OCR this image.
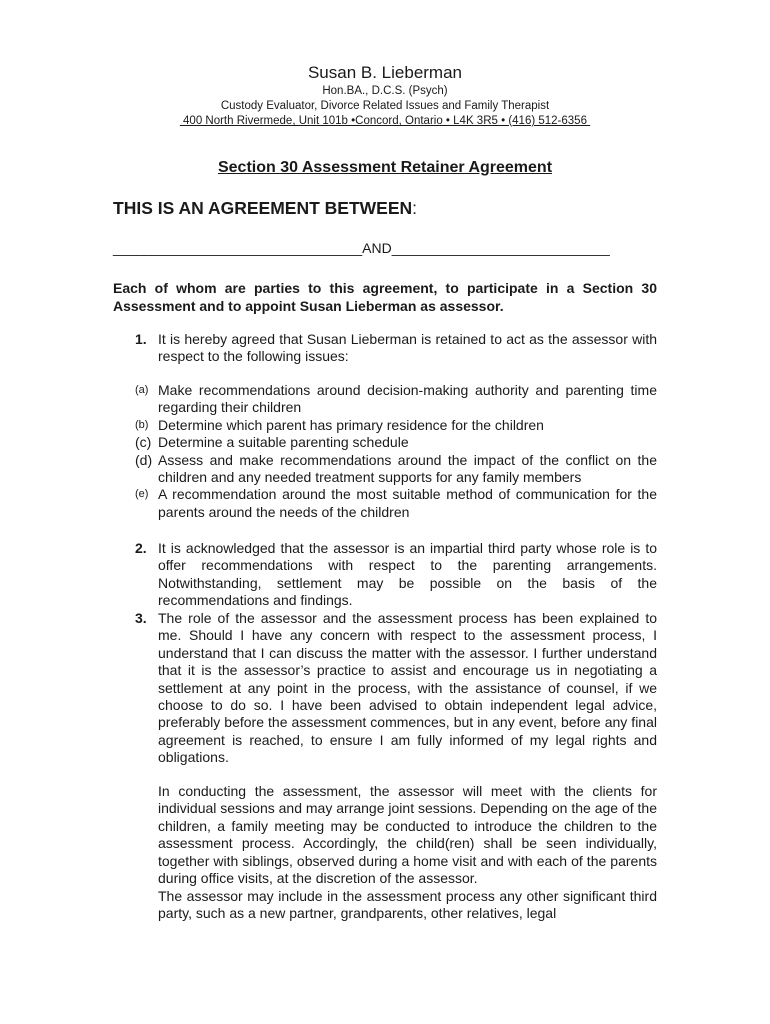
Susan B. Lieberman
Hon.BA., D.C.S. (Psych)
Custody Evaluator, Divorce Related Issues and Family Therapist
400 North Rivermede, Unit 101b •Concord, Ontario • L4K 3R5 • (416) 512-6356
Section 30 Assessment Retainer Agreement
THIS IS AN AGREEMENT BETWEEN:
________________________________AND____________________________
Each of whom are parties to this agreement, to participate in a Section 30 Assessment and to appoint Susan Lieberman as assessor.
1. It is hereby agreed that Susan Lieberman is retained to act as the assessor with respect to the following issues:
(a) Make recommendations around decision-making authority and parenting time regarding their children
(b) Determine which parent has primary residence for the children
(c) Determine a suitable parenting schedule
(d) Assess and make recommendations around the impact of the conflict on the children and any needed treatment supports for any family members
(e) A recommendation around the most suitable method of communication for the parents around the needs of the children
2. It is acknowledged that the assessor is an impartial third party whose role is to offer recommendations with respect to the parenting arrangements. Notwithstanding, settlement may be possible on the basis of the recommendations and findings.
3. The role of the assessor and the assessment process has been explained to me. Should I have any concern with respect to the assessment process, I understand that I can discuss the matter with the assessor. I further understand that it is the assessor’s practice to assist and encourage us in negotiating a settlement at any point in the process, with the assistance of counsel, if we choose to do so. I have been advised to obtain independent legal advice, preferably before the assessment commences, but in any event, before any final agreement is reached, to ensure I am fully informed of my legal rights and obligations.
In conducting the assessment, the assessor will meet with the clients for individual sessions and may arrange joint sessions. Depending on the age of the children, a family meeting may be conducted to introduce the children to the assessment process. Accordingly, the child(ren) shall be seen individually, together with siblings, observed during a home visit and with each of the parents during office visits, at the discretion of the assessor.
The assessor may include in the assessment process any other significant third party, such as a new partner, grandparents, other relatives, legal
